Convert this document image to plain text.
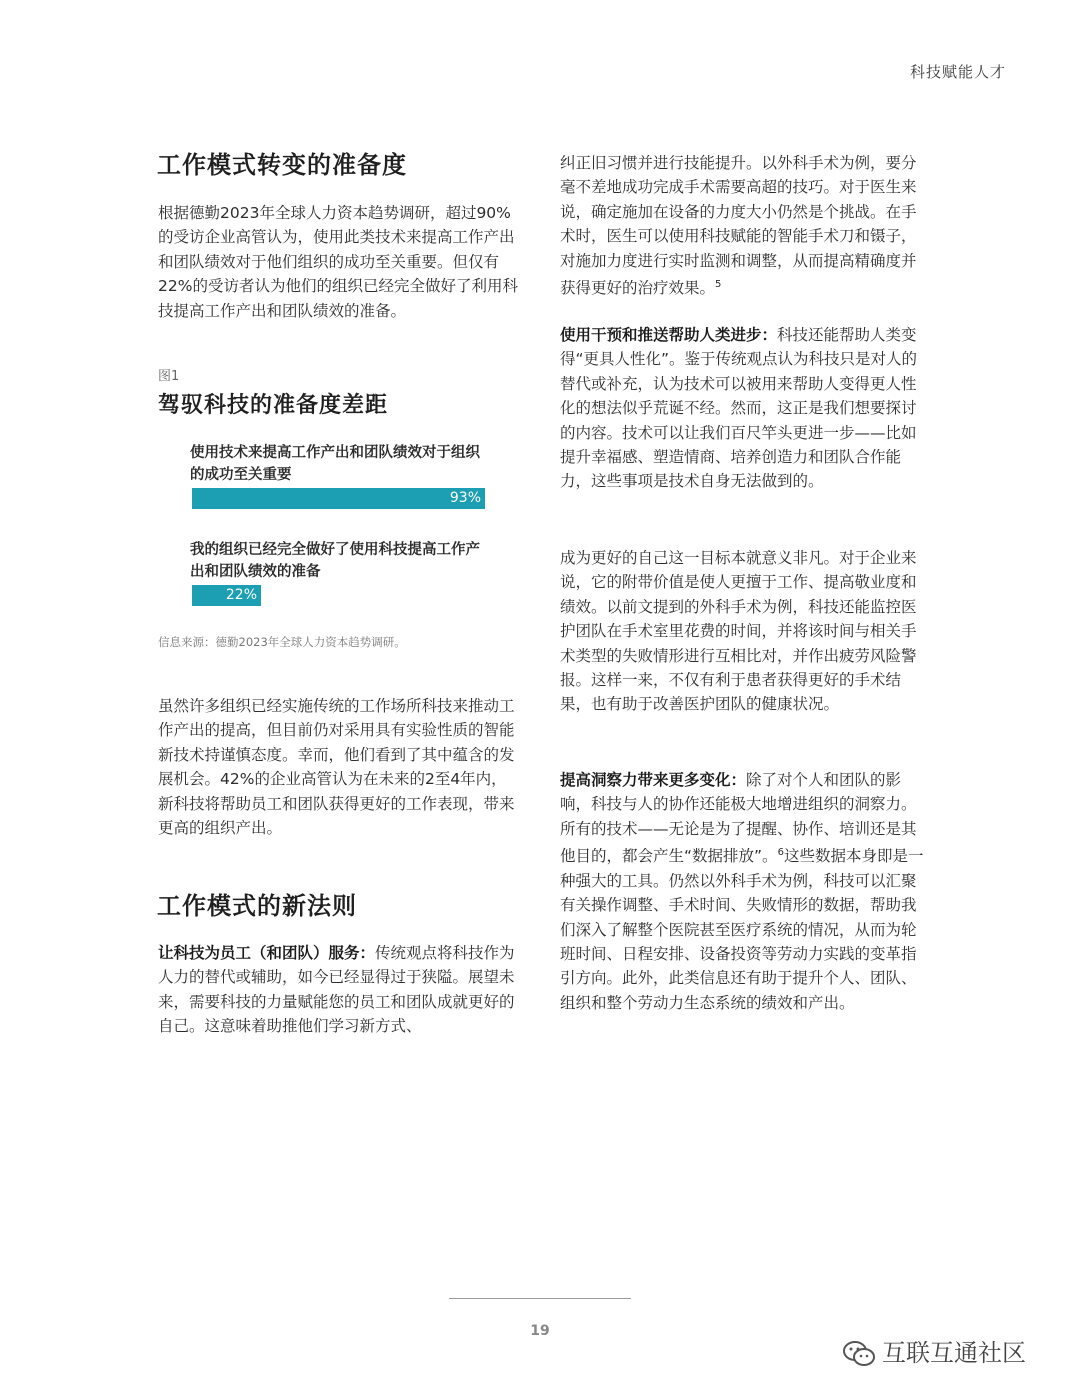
科技赋能人才
工作模式转变的准备度

根据德勤2023年全球人力资本趋势调研，超过90%的受访企业高管认为，使用此类技术来提高工作产出和团队绩效对于他们组织的成功至关重要。但仅有22%的受访者认为他们的组织已经完全做好了利用科技提高工作产出和团队绩效的准备。

图1
驾驭科技的准备度差距

使用技术来提高工作产出和团队绩效对于组织的成功至关重要

93%

我的组织已经完全做好了使用科技提高工作产出和团队绩效的准备

22%
信息来源：德勤2023年全球人力资本趋势调研。

虽然许多组织已经实施传统的工作场所科技来推动工作产出的提高，但目前仍对采用具有实验性质的智能新技术持谨慎态度。幸而，他们看到了其中蕴含的发展机会。42%的企业高管认为在未来的2至4年内，新科技将帮助员工和团队获得更好的工作表现，带来更高的组织产出。

工作模式的新法则

让科技为员工（和团队）服务：传统观点将科技作为人力的替代或辅助，如今已经显得过于狭隘。展望未来，需要科技的力量赋能您的员工和团队成就更好的自己。这意味着助推他们学习新方式、

纠正旧习惯并进行技能提升。以外科手术为例，要分毫不差地成功完成手术需要高超的技巧。对于医生来说，确定施加在设备的力度大小仍然是个挑战。在手术时，医生可以使用科技赋能的智能手术刀和镊子，对施加力度进行实时监测和调整，从而提高精确度并获得更好的治疗效果。$^5$

使用干预和推送帮助人类进步：科技还能帮助人类变得“更具人性化”。鉴于传统观点认为科技只是对人的替代或补充，认为技术可以被用来帮助人变得更人性化的想法似乎荒诞不经。然而，这正是我们想要探讨的内容。技术可以让我们百尺竿头更进一步——比如提升幸福感、塑造情商、培养创造力和团队合作能力，这些事项是技术自身无法做到的。

成为更好的自己这一目标本就意义非凡。对于企业来说，它的附带价值是使人更擅于工作、提高敬业度和绩效。以前文提到的外科手术为例，科技还能监控医护团队在手术室里花费的时间，并将该时间与相关手术类型的失败情形进行互相比对，并作出疲劳风险警报。这样一来，不仅有利于患者获得更好的手术结果，也有助于改善医护团队的健康状况。

提高洞察力带来更多变化：除了对个人和团队的影响，科技与人的协作还能极大地增进组织的洞察力。所有的技术——无论是为了提醒、协作、培训还是其他目的，都会产生“数据排放”。$^6$这些数据本身即是一种强大的工具。仍然以外科手术为例，科技可以汇聚有关操作调整、手术时间、失败情形的数据，帮助我们深入了解整个医院甚至医疗系统的情况，从而为轮班时间、日程安排、设备投资等劳动力实践的变革指引方向。此外，此类信息还有助于提升个人、团队、组织和整个劳动力生态系统的绩效和产出。

19
互联互通社区
